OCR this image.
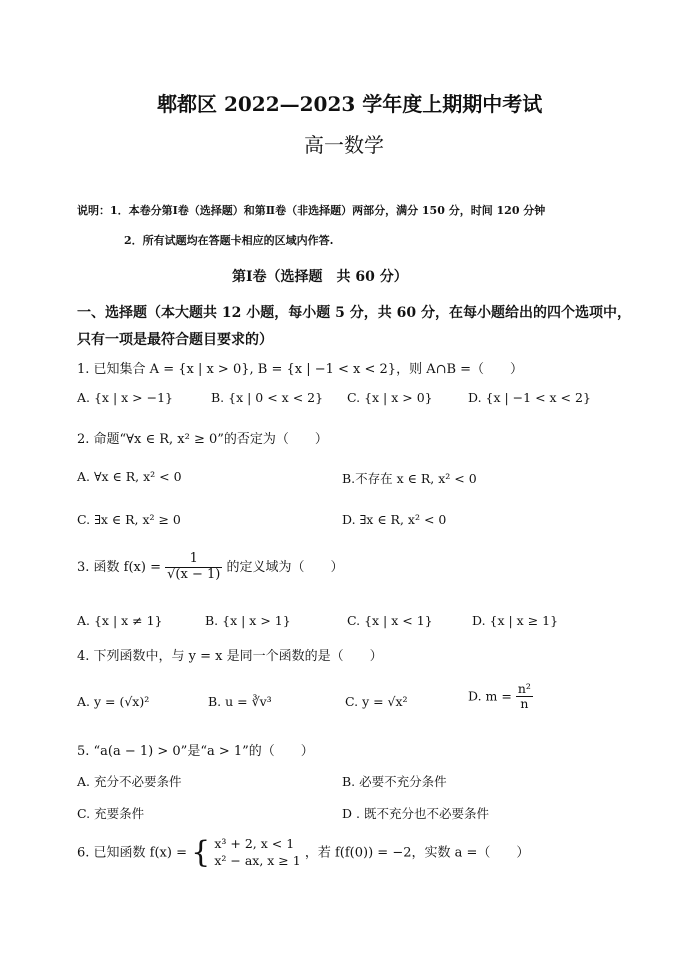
郫都区 2022—2023 学年度上期期中考试
高一数学
说明：1．本卷分第Ⅰ卷（选择题）和第Ⅱ卷（非选择题）两部分，满分 150 分，时间 120 分钟
2．所有试题均在答题卡相应的区域内作答.
第Ⅰ卷（选择题　共 60 分）
一、选择题（本大题共 12 小题，每小题 5 分，共 60 分，在每小题给出的四个选项中，
只有一项是最符合题目要求的）
1. 已知集合 A = {x | x > 0}, B = {x | −1 < x < 2}，则 A∩B =（　　）
A. {x | x > −1}	B. {x | 0 < x < 2} C. {x | x > 0}	D. {x | −1 < x < 2}
2. 命题“∀x ∈ R, x² ≥ 0”的否定为（　　）
A. ∀x ∈ R, x² < 0	B.不存在 x ∈ R, x² < 0
C. ∃x ∈ R, x² ≥ 0	D. ∃x ∈ R, x² < 0
3. 函数 $f(x) = \frac{1}{√(x - 1)}$ 的定义域为（　　）
A. {x | x ≠ 1}	B. {x | x > 1}	C. {x | x < 1}	D. {x | x ≥ 1}
4. 下列函数中，与 y = x 是同一个函数的是（　　）
A. y = (√x)²	B. u = ∛v³	C. y = √x²	D. $m = \frac{\text{n²}}{n}$
5. “a(a − 1) > 0”是“a > 1”的（　　）
A. 充分不必要条件	B. 必要不充分条件
C. 充要条件	D . 既不充分也不必要条件
6. 已知函数 f(x) = { x³ + 2, x < 1
x² − ax, x ≥ 1 ，若 f(f(0)) = −2，实数 a =（　　）
